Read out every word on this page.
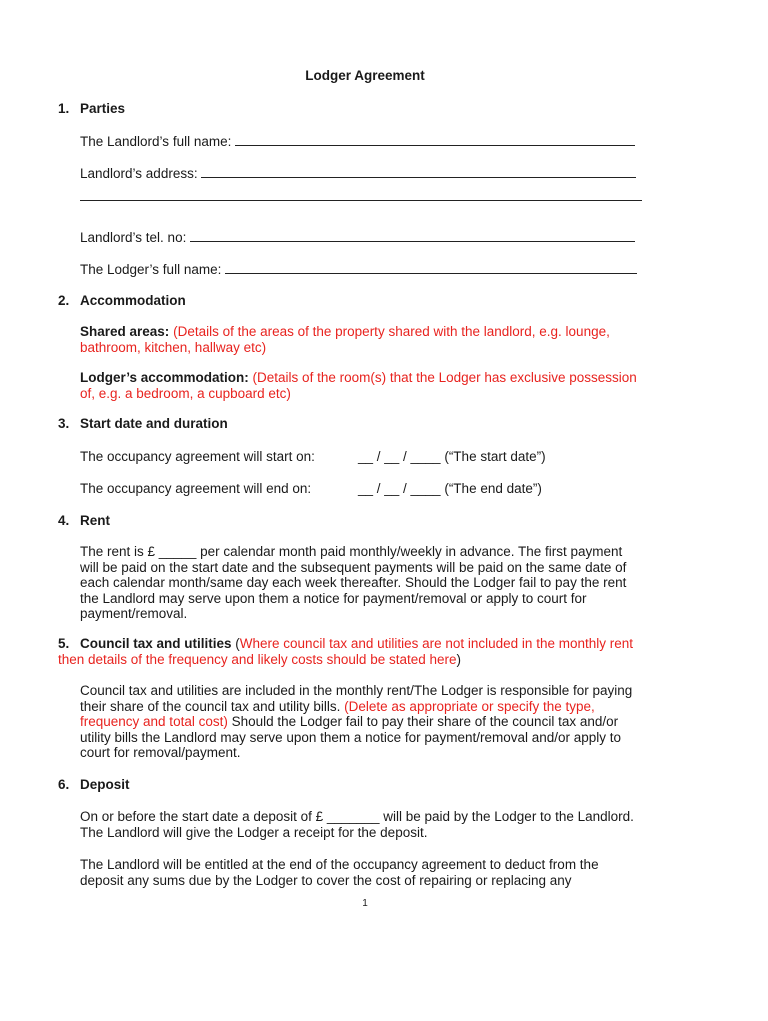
Lodger Agreement
1. Parties
The Landlord’s full name:
Landlord’s address:
Landlord’s tel. no:
The Lodger’s full name:
2. Accommodation
Shared areas: (Details of the areas of the property shared with the landlord, e.g. lounge, bathroom, kitchen, hallway etc)
Lodger’s accommodation: (Details of the room(s) that the Lodger has exclusive possession of, e.g. a bedroom, a cupboard etc)
3. Start date and duration
The occupancy agreement will start on:	__ / __ / ____ (“The start date”)
The occupancy agreement will end on:	__ / __ / ____ (“The end date”)
4. Rent
The rent is £ _____ per calendar month paid monthly/weekly in advance. The first payment will be paid on the start date and the subsequent payments will be paid on the same date of each calendar month/same day each week thereafter. Should the Lodger fail to pay the rent the Landlord may serve upon them a notice for payment/removal or apply to court for payment/removal.
5. Council tax and utilities (Where council tax and utilities are not included in the monthly rent then details of the frequency and likely costs should be stated here)
Council tax and utilities are included in the monthly rent/The Lodger is responsible for paying their share of the council tax and utility bills. (Delete as appropriate or specify the type, frequency and total cost) Should the Lodger fail to pay their share of the council tax and/or utility bills the Landlord may serve upon them a notice for payment/removal and/or apply to court for removal/payment.
6. Deposit
On or before the start date a deposit of £ _______ will be paid by the Lodger to the Landlord. The Landlord will give the Lodger a receipt for the deposit.
The Landlord will be entitled at the end of the occupancy agreement to deduct from the deposit any sums due by the Lodger to cover the cost of repairing or replacing any
1
